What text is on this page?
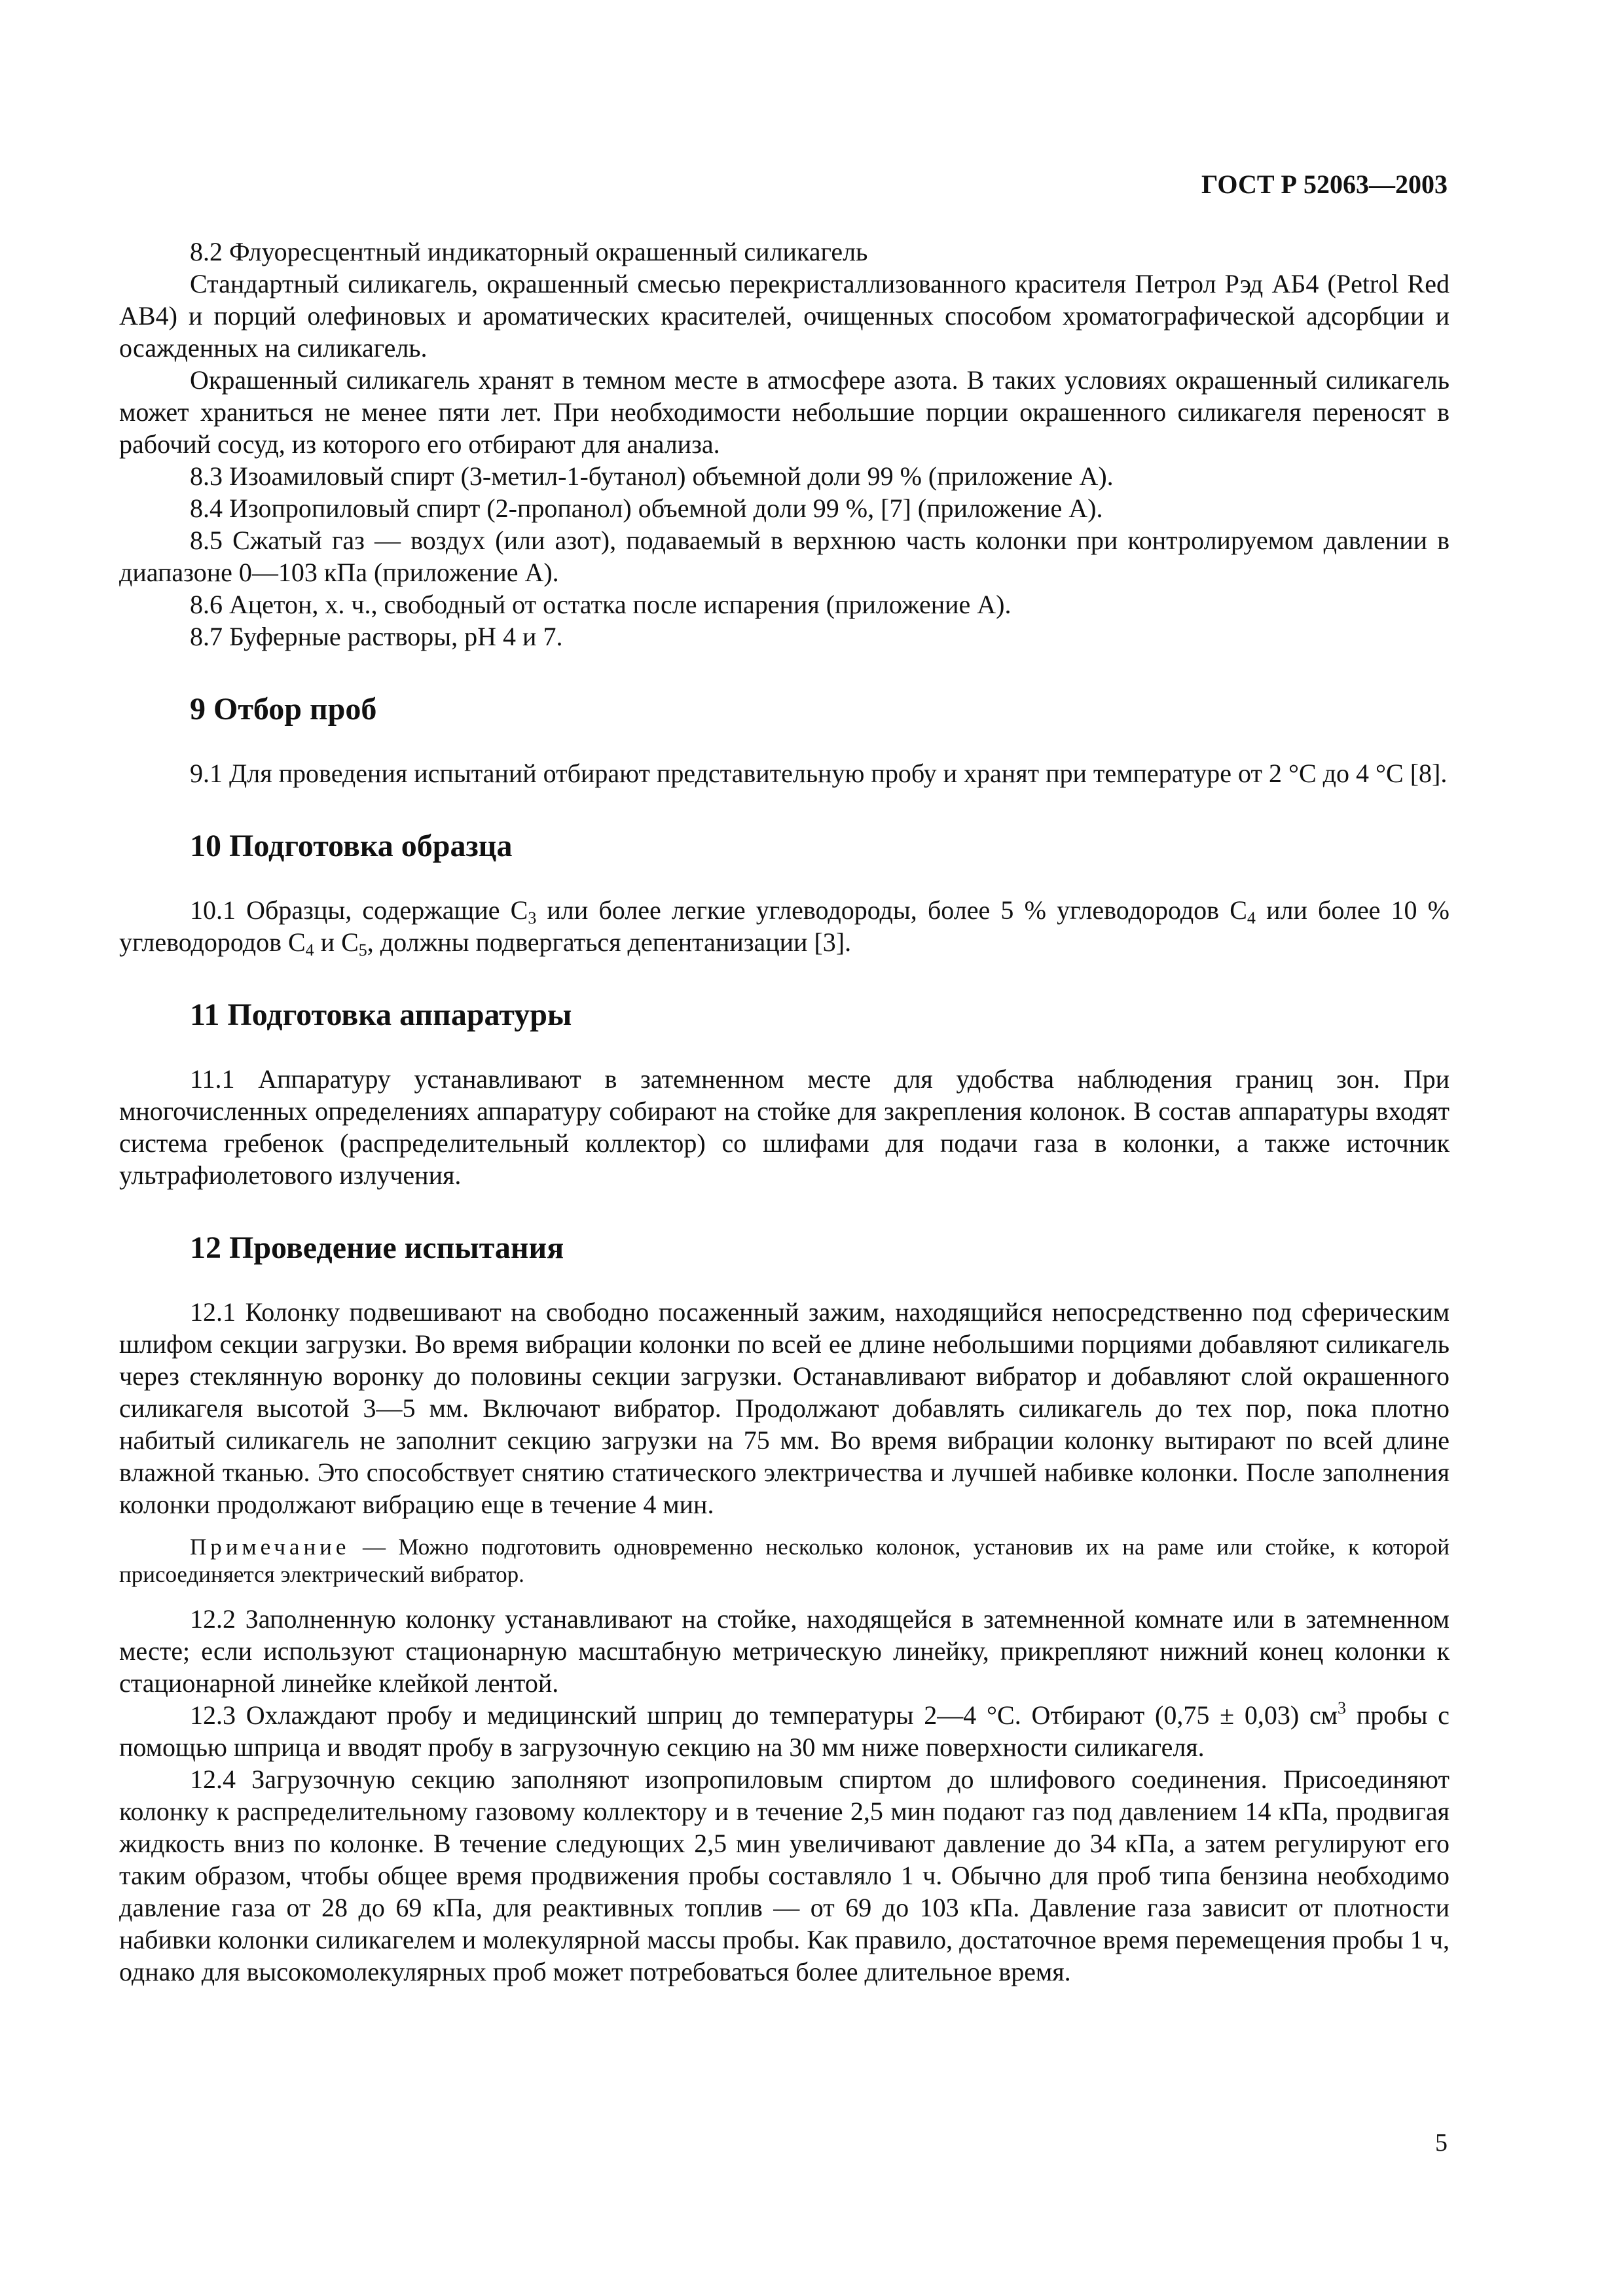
ГОСТ Р 52063—2003

8.2 Флуоресцентный индикаторный окрашенный силикагель

Стандартный силикагель, окрашенный смесью перекристаллизованного красителя Петрол Рэд АБ4 (Petrol Red AB4) и порций олефиновых и ароматических красителей, очищенных способом хроматографической адсорбции и осажденных на силикагель.

Окрашенный силикагель хранят в темном месте в атмосфере азота. В таких условиях окрашенный силикагель может храниться не менее пяти лет. При необходимости небольшие порции окрашенного силикагеля переносят в рабочий сосуд, из которого его отбирают для анализа.

8.3 Изоамиловый спирт (3-метил-1-бутанол) объемной доли 99 % (приложение А).

8.4 Изопропиловый спирт (2-пропанол) объемной доли 99 %, [7] (приложение А).

8.5 Сжатый газ — воздух (или азот), подаваемый в верхнюю часть колонки при контролируемом давлении в диапазоне 0—103 кПа (приложение А).

8.6 Ацетон, х. ч., свободный от остатка после испарения (приложение А).

8.7 Буферные растворы, pH 4 и 7.

9 Отбор проб

9.1 Для проведения испытаний отбирают представительную пробу и хранят при температуре от 2 °С до 4 °С [8].

10 Подготовка образца

10.1 Образцы, содержащие $С_3$ или более легкие углеводороды, более 5 % углеводородов $С_4$ или более 10 % углеводородов $С_4$ и $С_5$, должны подвергаться депентанизации [3].

11 Подготовка аппаратуры

11.1 Аппаратуру устанавливают в затемненном месте для удобства наблюдения границ зон. При многочисленных определениях аппаратуру собирают на стойке для закрепления колонок. В состав аппаратуры входят система гребенок (распределительный коллектор) со шлифами для подачи газа в колонки, а также источник ультрафиолетового излучения.

12 Проведение испытания

12.1 Колонку подвешивают на свободно посаженный зажим, находящийся непосредственно под сферическим шлифом секции загрузки. Во время вибрации колонки по всей ее длине небольшими порциями добавляют силикагель через стеклянную воронку до половины секции загрузки. Останавливают вибратор и добавляют слой окрашенного силикагеля высотой 3—5 мм. Включают вибратор. Продолжают добавлять силикагель до тех пор, пока плотно набитый силикагель не заполнит секцию загрузки на 75 мм. Во время вибрации колонку вытирают по всей длине влажной тканью. Это способствует снятию статического электричества и лучшей набивке колонки. После заполнения колонки продолжают вибрацию еще в течение 4 мин.

Примечание — Можно подготовить одновременно несколько колонок, установив их на раме или стойке, к которой присоединяется электрический вибратор.

12.2 Заполненную колонку устанавливают на стойке, находящейся в затемненной комнате или в затемненном месте; если используют стационарную масштабную метрическую линейку, прикрепляют нижний конец колонки к стационарной линейке клейкой лентой.

12.3 Охлаждают пробу и медицинский шприц до температуры 2—4 °С. Отбирают (0,75 ± 0,03) $см^3$ пробы с помощью шприца и вводят пробу в загрузочную секцию на 30 мм ниже поверхности силикагеля.

12.4 Загрузочную секцию заполняют изопропиловым спиртом до шлифового соединения. Присоединяют колонку к распределительному газовому коллектору и в течение 2,5 мин подают газ под давлением 14 кПа, продвигая жидкость вниз по колонке. В течение следующих 2,5 мин увеличивают давление до 34 кПа, а затем регулируют его таким образом, чтобы общее время продвижения пробы составляло 1 ч. Обычно для проб типа бензина необходимо давление газа от 28 до 69 кПа, для реактивных топлив — от 69 до 103 кПа. Давление газа зависит от плотности набивки колонки силикагелем и молекулярной массы пробы. Как правило, достаточное время перемещения пробы 1 ч, однако для высокомолекулярных проб может потребоваться более длительное время.

5
